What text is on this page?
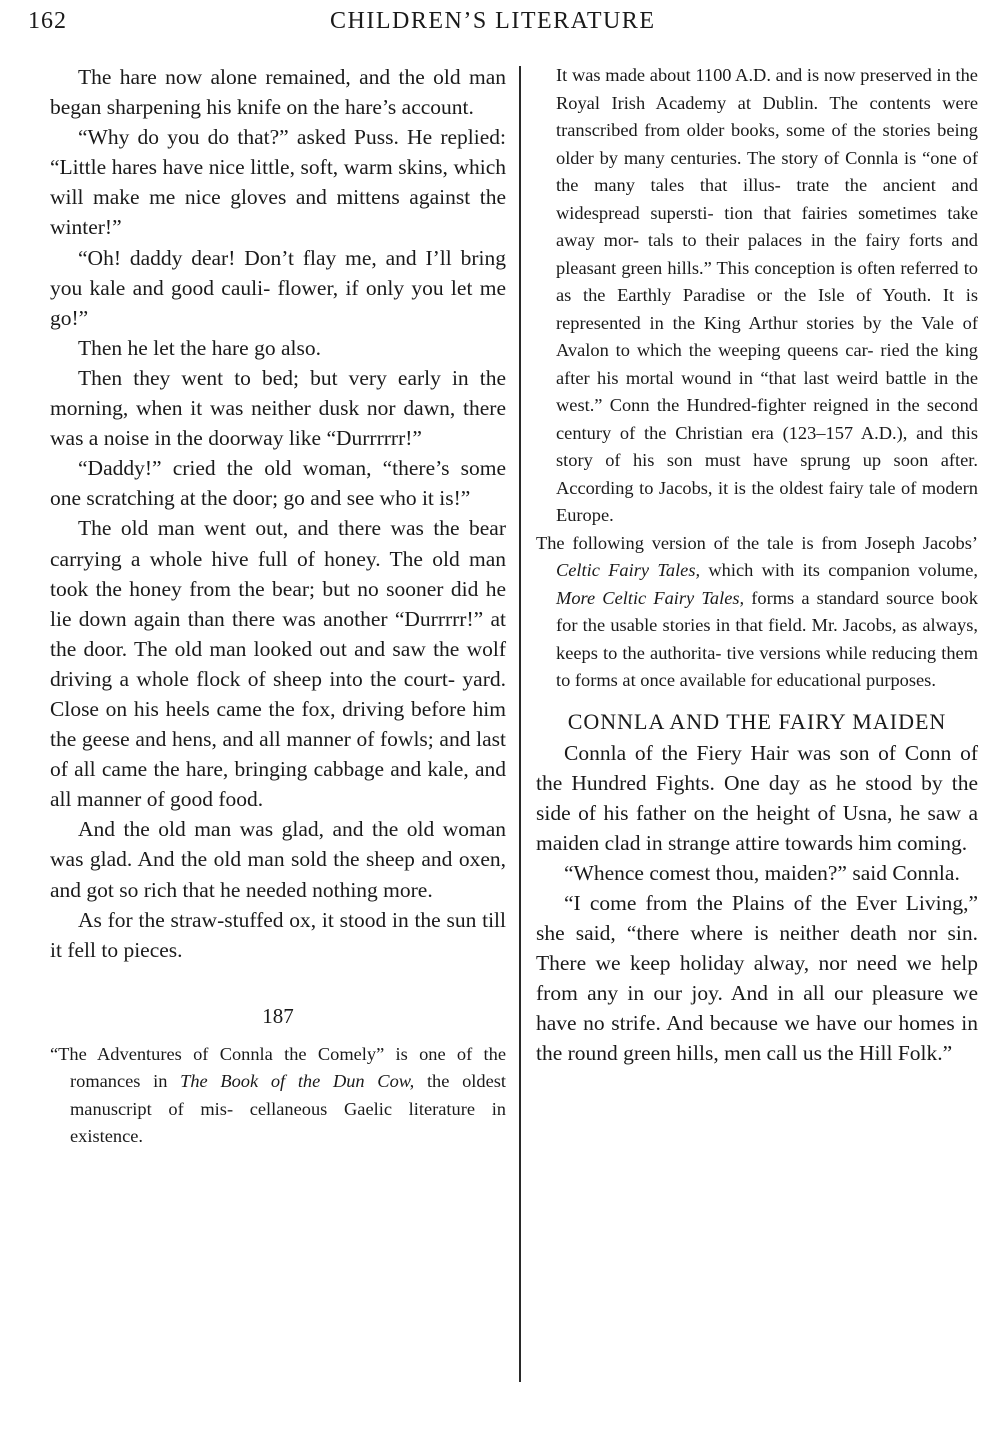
162	CHILDREN’S LITERATURE

The hare now alone remained, and the old man began sharpening his knife on the hare’s account.

“Why do you do that?” asked Puss. He replied: “Little hares have nice little, soft, warm skins, which will make me nice gloves and mittens against the winter!”

“Oh! daddy dear! Don’t flay me, and I’ll bring you kale and good cauli- flower, if only you let me go!”

Then he let the hare go also.

Then they went to bed; but very early in the morning, when it was neither dusk nor dawn, there was a noise in the doorway like “Durrrrrr!”

“Daddy!” cried the old woman, “there’s some one scratching at the door; go and see who it is!”

The old man went out, and there was the bear carrying a whole hive full of honey. The old man took the honey from the bear; but no sooner did he lie down again than there was another “Durrrrr!” at the door. The old man looked out and saw the wolf driving a whole flock of sheep into the court- yard. Close on his heels came the fox, driving before him the geese and hens, and all manner of fowls; and last of all came the hare, bringing cabbage and kale, and all manner of good food.

And the old man was glad, and the old woman was glad. And the old man sold the sheep and oxen, and got so rich that he needed nothing more.

As for the straw-stuffed ox, it stood in the sun till it fell to pieces.

187

“The Adventures of Connla the Comely” is one of the romances in The Book of the Dun Cow, the oldest manuscript of mis- cellaneous Gaelic literature in existence.

It was made about 1100 A.D. and is now preserved in the Royal Irish Academy at Dublin. The contents were transcribed from older books, some of the stories being older by many centuries. The story of Connla is “one of the many tales that illus- trate the ancient and widespread supersti- tion that fairies sometimes take away mor- tals to their palaces in the fairy forts and pleasant green hills.” This conception is often referred to as the Earthly Paradise or the Isle of Youth. It is represented in the King Arthur stories by the Vale of Avalon to which the weeping queens car- ried the king after his mortal wound in “that last weird battle in the west.” Conn the Hundred-fighter reigned in the second century of the Christian era (123–157 A.D.), and this story of his son must have sprung up soon after. According to Jacobs, it is the oldest fairy tale of modern Europe.

The following version of the tale is from Joseph Jacobs’ Celtic Fairy Tales, which with its companion volume, More Celtic Fairy Tales, forms a standard source book for the usable stories in that field. Mr. Jacobs, as always, keeps to the authorita- tive versions while reducing them to forms at once available for educational purposes.

CONNLA AND THE FAIRY MAIDEN

Connla of the Fiery Hair was son of Conn of the Hundred Fights. One day as he stood by the side of his father on the height of Usna, he saw a maiden clad in strange attire towards him coming.

“Whence comest thou, maiden?” said Connla.

“I come from the Plains of the Ever Living,” she said, “there where is neither death nor sin. There we keep holiday alway, nor need we help from any in our joy. And in all our pleasure we have no strife. And because we have our homes in the round green hills, men call us the Hill Folk.”
